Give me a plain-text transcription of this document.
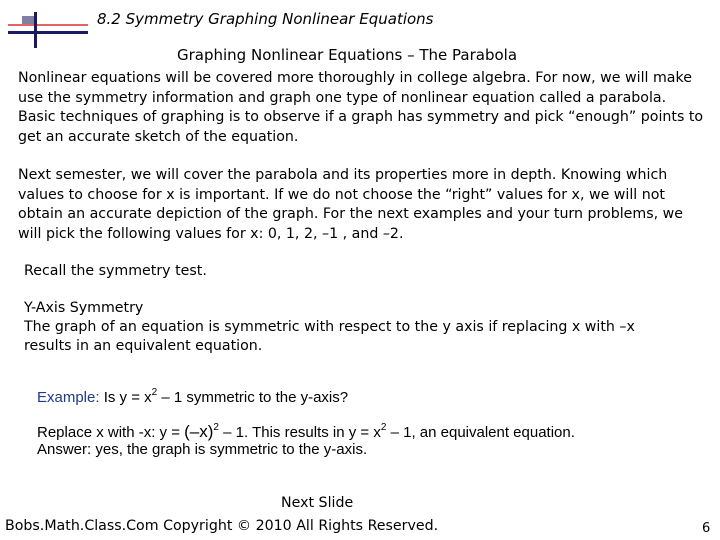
8.2 Symmetry Graphing Nonlinear Equations
Graphing Nonlinear Equations – The Parabola
Nonlinear equations will be covered more thoroughly in college algebra. For now, we will make
use the symmetry information and graph one type of nonlinear equation called a parabola.
Basic techniques of graphing is to observe if a graph has symmetry and pick “enough” points to
get an accurate sketch of the equation.
Next semester, we will cover the parabola and its properties more in depth. Knowing which
values to choose for x is important. If we do not choose the “right” values for x, we will not
obtain an accurate depiction of the graph. For the next examples and your turn problems, we
will pick the following values for x: 0, 1, 2, –1 , and –2.
Recall the symmetry test.
Y-Axis Symmetry
The graph of an equation is symmetric with respect to the y axis if replacing x with –x
results in an equivalent equation.
Example: Is $y = x^2 - 1$ symmetric to the y-axis?
Replace x with -x: $y = (-x)^2 - 1$. This results in $y = x^2 - 1$, an equivalent equation.
Answer: yes, the graph is symmetric to the y-axis.
Next Slide
Bobs.Math.Class.Com Copyright © 2010 All Rights Reserved.	6
